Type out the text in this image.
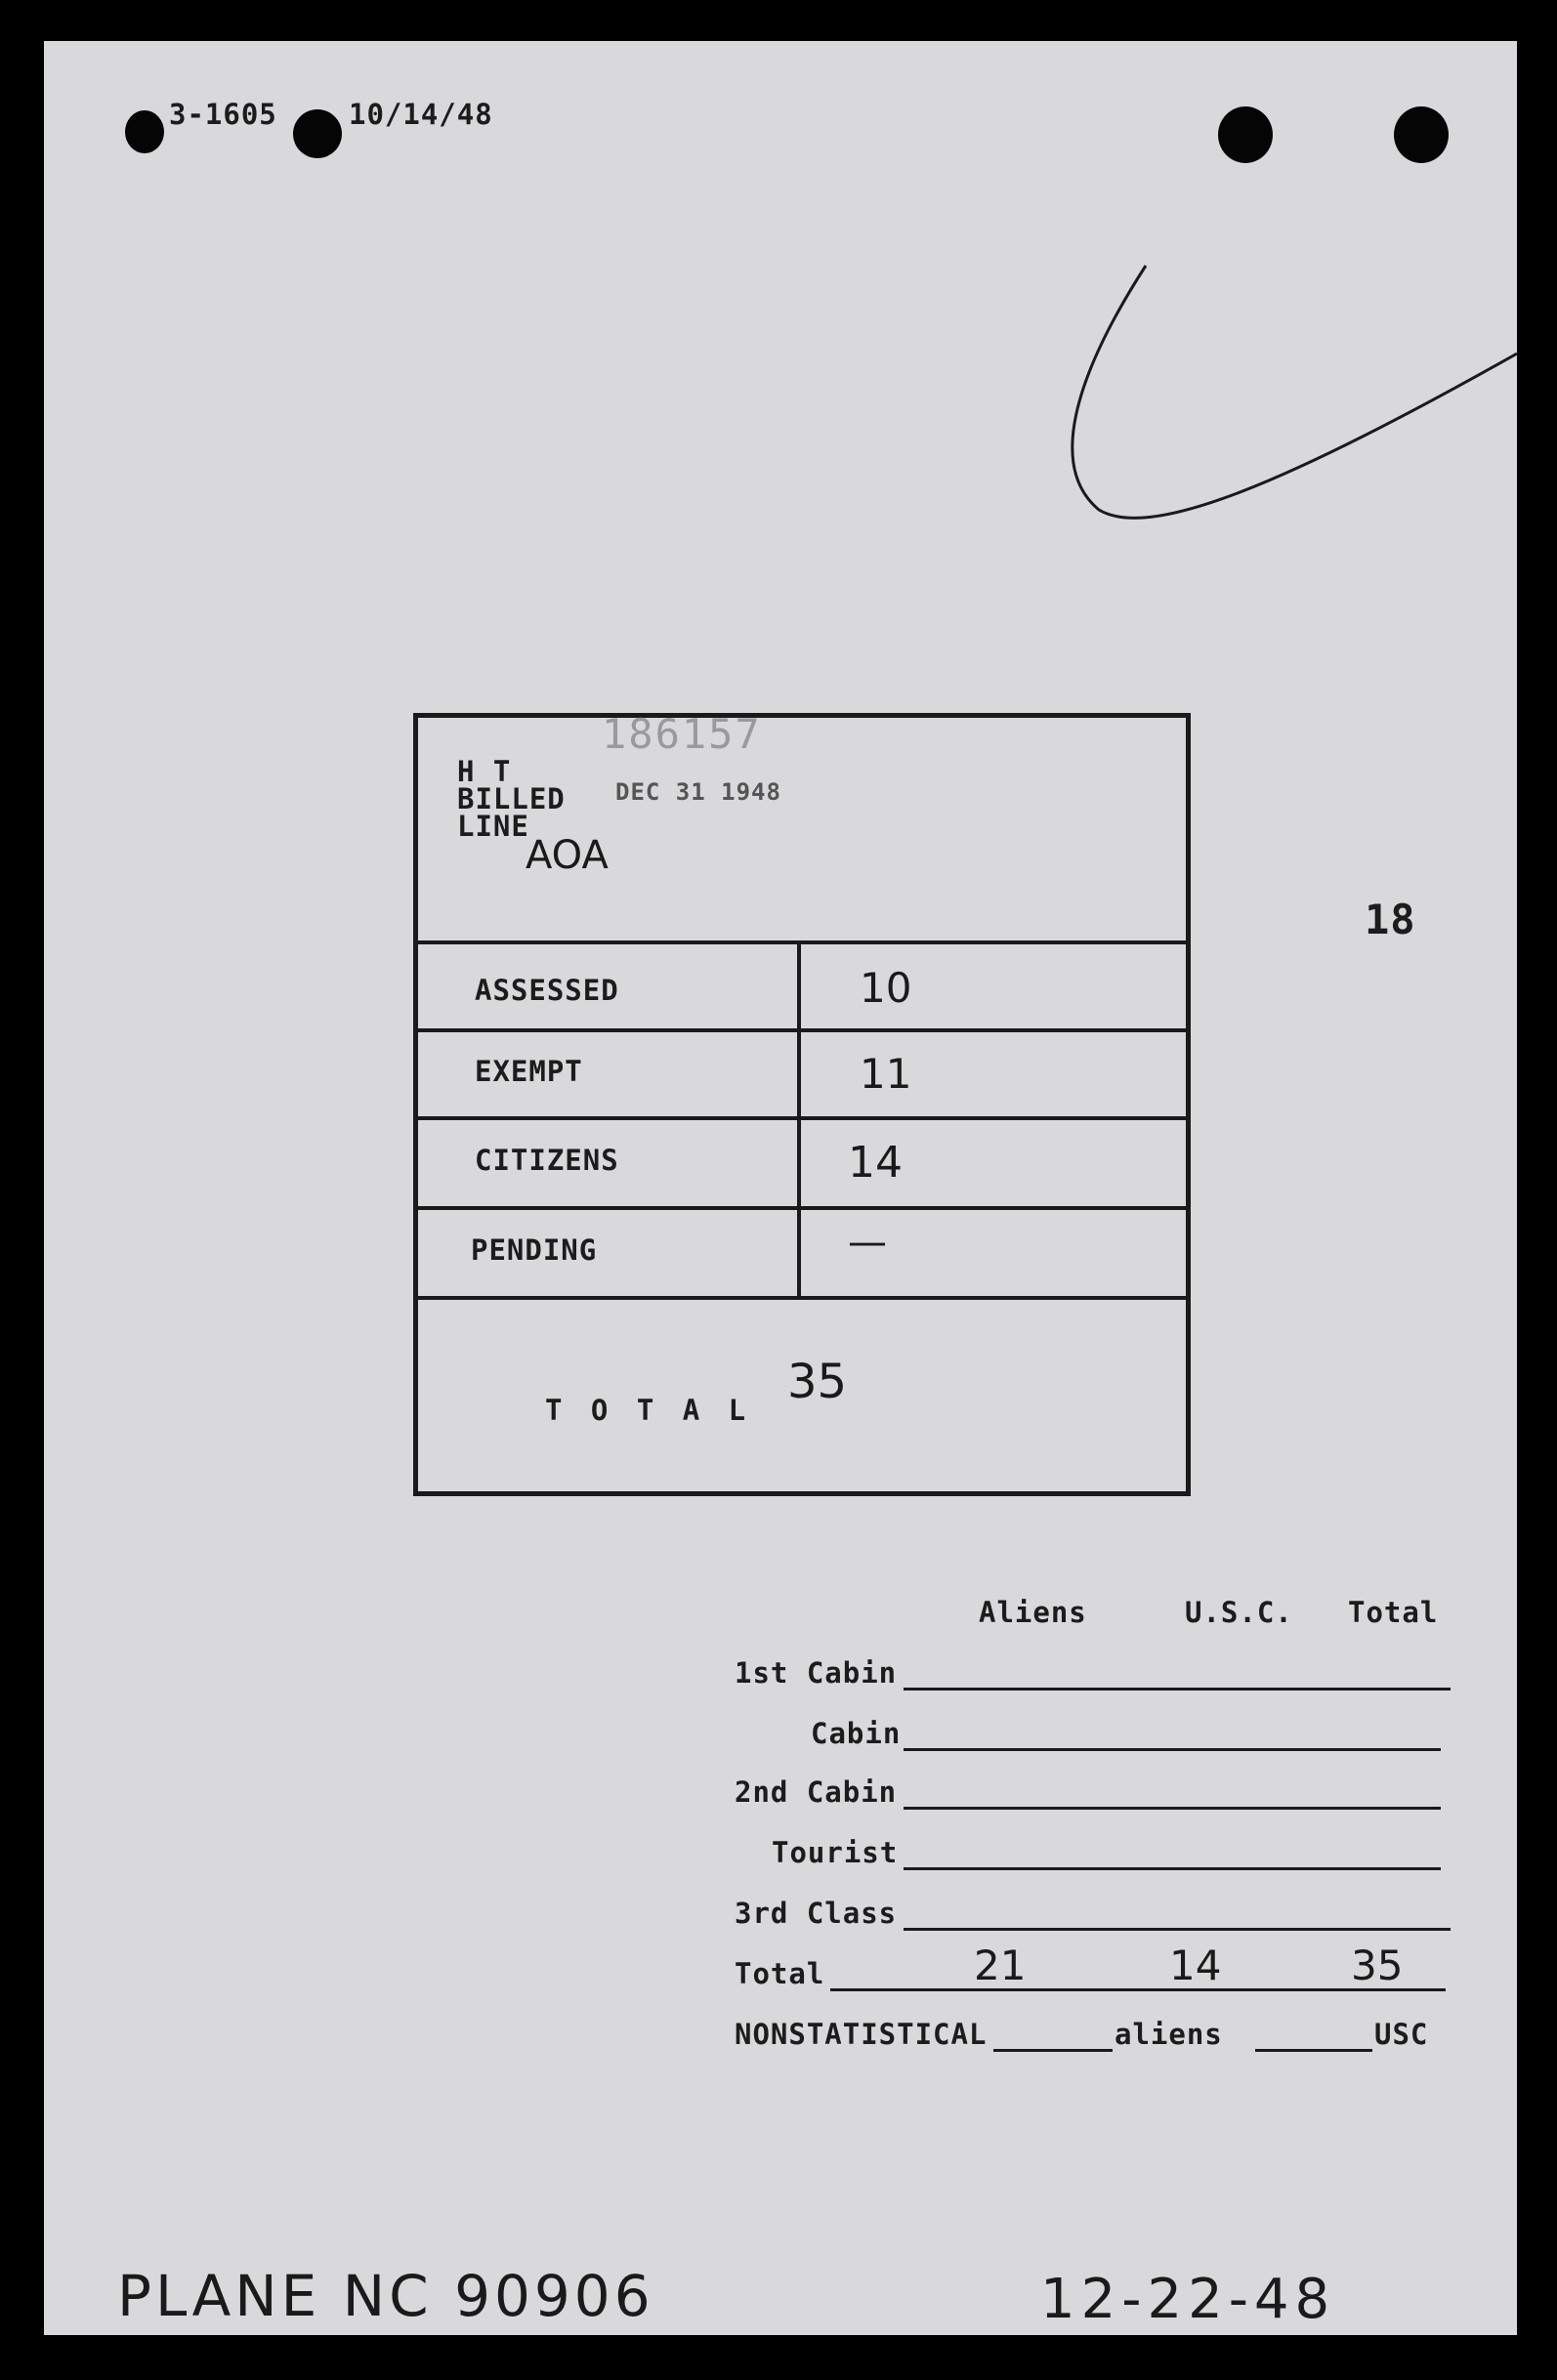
3-1605	10/14/48
18
186157
H T
BILLED DEC 31 1948
LINE
AOA
ASSESSED	10
EXEMPT	11
CITIZENS	14
PENDING	—
T O T A L
35
Aliens	U.S.C. Total
1st Cabin
Cabin
2nd Cabin
Tourist
3rd Class
Total	21	14	35
NONSTATISTICAL	aliens	USC
PLANE NC 90906	12-22-48
